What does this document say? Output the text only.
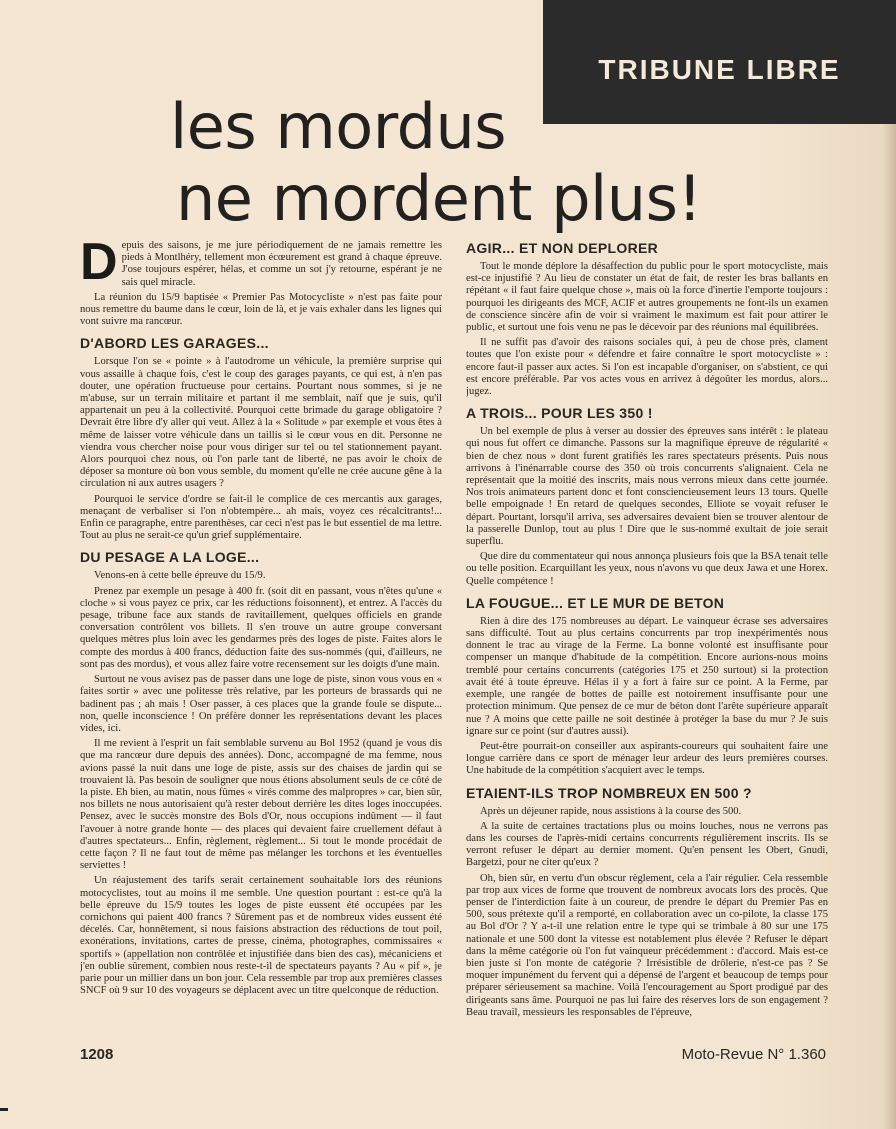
TRIBUNE LIBRE
les mordus
ne mordent plus!

Depuis des saisons, je me jure périodiquement de ne jamais remettre les pieds à Montlhéry, tellement mon écœurement est grand à chaque épreuve. J'ose toujours espérer, hélas, et comme un sot j'y retourne, espérant je ne sais quel miracle.

La réunion du 15/9 baptisée « Premier Pas Motocycliste » n'est pas faite pour nous remettre du baume dans le cœur, loin de là, et je vais exhaler dans les lignes qui vont suivre ma rancœur.

D'ABORD LES GARAGES...

Lorsque l'on se « pointe » à l'autodrome un véhicule, la première surprise qui vous assaille à chaque fois, c'est le coup des garages payants, ce qui est, à n'en pas douter, une opération fructueuse pour certains. Pourtant nous sommes, si je ne m'abuse, sur un terrain militaire et partant il me semblait, naïf que je suis, qu'il appartenait un peu à la collectivité. Pourquoi cette brimade du garage obligatoire ? Devrait être libre d'y aller qui veut. Allez à la « Solitude » par exemple et vous êtes à même de laisser votre véhicule dans un taillis si le cœur vous en dit. Personne ne viendra vous chercher noise pour vous diriger sur tel ou tel stationnement payant. Alors pourquoi chez nous, où l'on parle tant de liberté, ne pas avoir le choix de déposer sa monture où bon vous semble, du moment qu'elle ne crée aucune gêne à la circulation ni aux autres usagers ?

Pourquoi le service d'ordre se fait-il le complice de ces mercantis aux garages, menaçant de verbaliser si l'on n'obtempère... ah mais, voyez ces récalcitrants!... Enfin ce paragraphe, entre parenthèses, car ceci n'est pas le but essentiel de ma lettre. Tout au plus ne serait-ce qu'un grief supplémentaire.

DU PESAGE A LA LOGE...

Venons-en à cette belle épreuve du 15/9.

Prenez par exemple un pesage à 400 fr. (soit dit en passant, vous n'êtes qu'une « cloche » si vous payez ce prix, car les réductions foisonnent), et entrez. A l'accès du pesage, tribune face aux stands de ravitaillement, quelques officiels en grande conversation contrôlent vos billets. Il s'en trouve un autre groupe conversant quelques mètres plus loin avec les gendarmes près des loges de piste. Faites alors le compte des mordus à 400 francs, déduction faite des sus-nommés (qui, d'ailleurs, ne sont pas des mordus), et vous allez faire votre recensement sur les doigts d'une main.

Surtout ne vous avisez pas de passer dans une loge de piste, sinon vous vous en « faites sortir » avec une politesse très relative, par les porteurs de brassards qui ne badinent pas ; ah mais ! Oser passer, à ces places que la grande foule se dispute... non, quelle inconscience ! On préfère donner les représentations devant les places vides, ici.

Il me revient à l'esprit un fait semblable survenu au Bol 1952 (quand je vous dis que ma rancœur dure depuis des années). Donc, accompagné de ma femme, nous avions passé la nuit dans une loge de piste, assis sur des chaises de jardin qui se trouvaient là. Pas besoin de souligner que nous étions absolument seuls de ce côté de la piste. Eh bien, au matin, nous fûmes « virés comme des malpropres » car, bien sûr, nos billets ne nous autorisaient qu'à rester debout derrière les dites loges inoccupées. Pensez, avec le succès monstre des Bols d'Or, nous occupions indûment — il faut l'avouer à notre grande honte — des places qui devaient faire cruellement défaut à d'autres spectateurs... Enfin, règlement, règlement... Si tout le monde procédait de cette façon ? Il ne faut tout de même pas mélanger les torchons et les éventuelles serviettes !

Un réajustement des tarifs serait certainement souhaitable lors des réunions motocyclistes, tout au moins il me semble. Une question pourtant : est-ce qu'à la belle épreuve du 15/9 toutes les loges de piste eussent été occupées par les cornichons qui paient 400 francs ? Sûrement pas et de nombreux vides eussent été décelés. Car, honnêtement, si nous faisions abstraction des réductions de tout poil, exonérations, invitations, cartes de presse, cinéma, photographes, commissaires « sportifs » (appellation non contrôlée et injustifiée dans bien des cas), mécaniciens et j'en oublie sûrement, combien nous reste-t-il de spectateurs payants ? Au « pif », je parie pour un millier dans un bon jour. Cela ressemble par trop aux premières classes SNCF où 9 sur 10 des voyageurs se déplacent avec un titre quelconque de réduction.

AGIR... ET NON DEPLORER

Tout le monde déplore la désaffection du public pour le sport motocycliste, mais est-ce injustifié ? Au lieu de constater un état de fait, de rester les bras ballants en répétant « il faut faire quelque chose », mais où la force d'inertie l'emporte toujours : pourquoi les dirigeants des MCF, ACIF et autres groupements ne font-ils un examen de conscience sincère afin de voir si vraiment le maximum est fait pour attirer le public, et surtout une fois venu ne pas le décevoir par des réunions mal équilibrées.

Il ne suffit pas d'avoir des raisons sociales qui, à peu de chose près, clament toutes que l'on existe pour « défendre et faire connaître le sport motocycliste » : encore faut-il passer aux actes. Si l'on est incapable d'organiser, on s'abstient, ce qui est encore préférable. Par vos actes vous en arrivez à dégoûter les mordus, alors... jugez.

A TROIS... POUR LES 350 !

Un bel exemple de plus à verser au dossier des épreuves sans intérêt : le plateau qui nous fut offert ce dimanche. Passons sur la magnifique épreuve de régularité « bien de chez nous » dont furent gratifiés les rares spectateurs présents. Puis nous arrivons à l'inénarrable course des 350 où trois concurrents s'alignaient. Cela ne représentait que la moitié des inscrits, mais nous verrons mieux dans cette journée. Nos trois animateurs partent donc et font consciencieusement leurs 13 tours. Quelle belle empoignade ! En retard de quelques secondes, Elliote se voyait refuser le départ. Pourtant, lorsqu'il arriva, ses adversaires devaient bien se trouver alentour de la passerelle Dunlop, tout au plus ! Dire que le sus-nommé exultait de joie serait superflu.

Que dire du commentateur qui nous annonça plusieurs fois que la BSA tenait telle ou telle position. Ecarquillant les yeux, nous n'avons vu que deux Jawa et une Horex. Quelle compétence !

LA FOUGUE... ET LE MUR DE BETON

Rien à dire des 175 nombreuses au départ. Le vainqueur écrase ses adversaires sans difficulté. Tout au plus certains concurrents par trop inexpérimentés nous donnent le trac au virage de la Ferme. La bonne volonté est insuffisante pour compenser un manque d'habitude de la compétition. Encore aurions-nous moins tremblé pour certains concurrents (catégories 175 et 250 surtout) si la protection avait été à toute épreuve. Hélas il y a fort à faire sur ce point. A la Ferme, par exemple, une rangée de bottes de paille est notoirement insuffisante pour une protection minimum. Que pensez de ce mur de béton dont l'arête supérieure apparaît nue ? A moins que cette paille ne soit destinée à protéger la base du mur ? Je suis ignare sur ce point (sur d'autres aussi).

Peut-être pourrait-on conseiller aux aspirants-coureurs qui souhaitent faire une longue carrière dans ce sport de ménager leur ardeur des leurs premières courses. Une habitude de la compétition s'acquiert avec le temps.

ETAIENT-ILS TROP NOMBREUX EN 500 ?

Après un déjeuner rapide, nous assistions à la course des 500.

A la suite de certaines tractations plus ou moins louches, nous ne verrons pas dans les courses de l'après-midi certains concurrents régulièrement inscrits. Ils se verront refuser le départ au dernier moment. Qu'en pensent les Obert, Gnudi, Bargetzi, pour ne citer qu'eux ?

Oh, bien sûr, en vertu d'un obscur règlement, cela a l'air régulier. Cela ressemble par trop aux vices de forme que trouvent de nombreux avocats lors des procès. Que penser de l'interdiction faite à un coureur, de prendre le départ du Premier Pas en 500, sous prétexte qu'il a remporté, en collaboration avec un co-pilote, la classe 175 au Bol d'Or ? Y a-t-il une relation entre le type qui se trimbale à 80 sur une 175 nationale et une 500 dont la vitesse est notablement plus élevée ? Refuser le départ dans la même catégorie où l'on fut vainqueur précédemment : d'accord. Mais est-ce bien juste si l'on monte de catégorie ? Irrésistible de drôlerie, n'est-ce pas ? Se moquer impunément du fervent qui a dépensé de l'argent et beaucoup de temps pour préparer sérieusement sa machine. Voilà l'encouragement au Sport prodigué par des dirigeants sans âme. Pourquoi ne pas lui faire des réserves lors de son engagement ? Beau travail, messieurs les responsables de l'épreuve,

1208	Moto-Revue N° 1.360
